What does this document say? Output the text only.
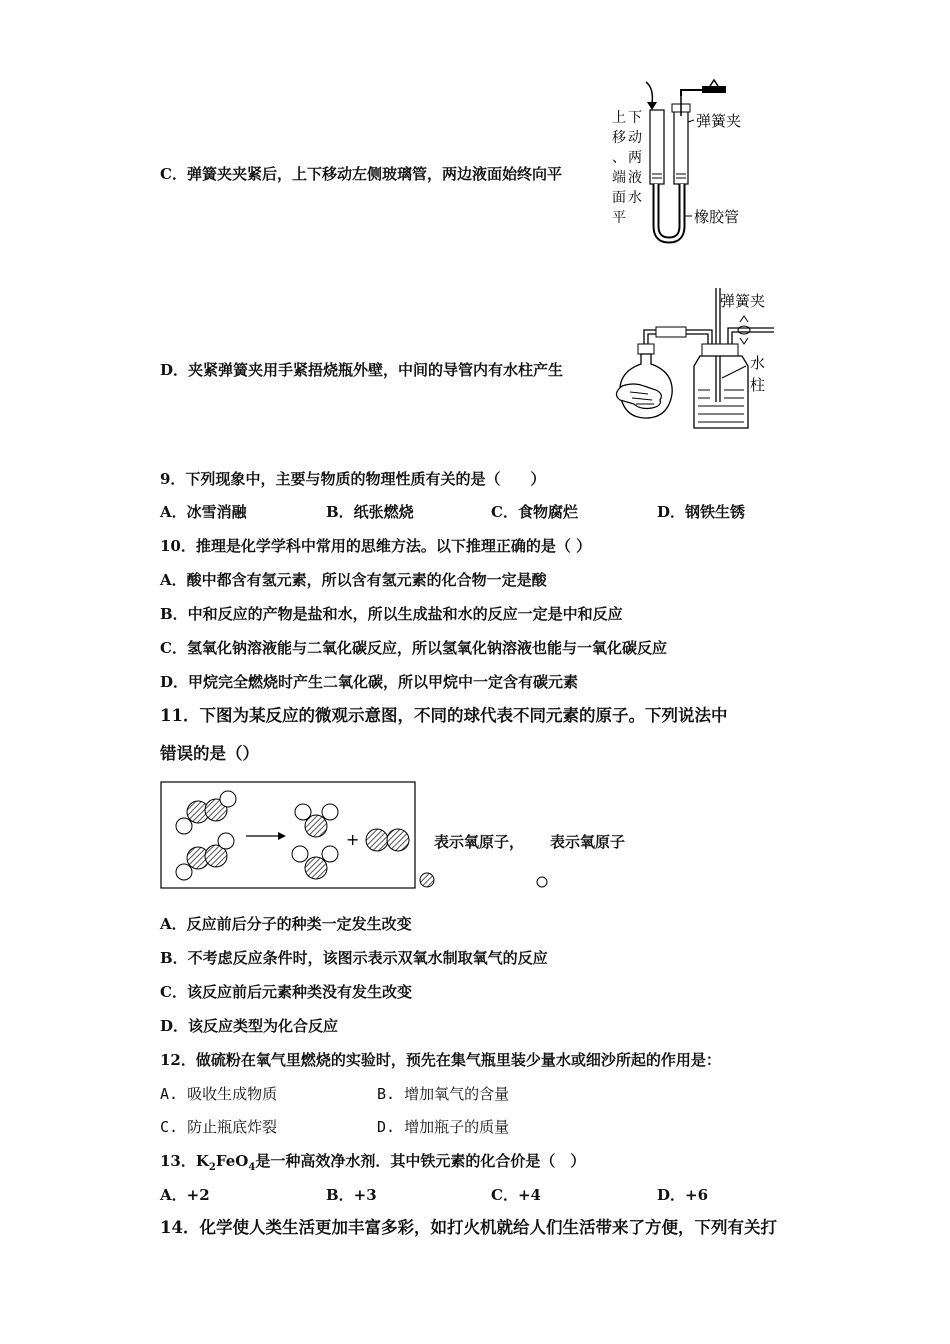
C．弹簧夹夹紧后，上下移动左侧玻璃管，两边液面始终向平
弹簧夹
橡胶管
上 下
移 动
、 两
端 液
面 水
平
D．夹紧弹簧夹用手紧捂烧瓶外壁，中间的导管内有水柱产生
弹簧夹
水
柱
9．下列现象中，主要与物质的物理性质有关的是（　　）
A．冰雪消融	B．纸张燃烧	C．食物腐烂	D．钢铁生锈
10．推理是化学学科中常用的思维方法。以下推理正确的是（ ）
A．酸中都含有氢元素，所以含有氢元素的化合物一定是酸
B．中和反应的产物是盐和水，所以生成盐和水的反应一定是中和反应
C．氢氧化钠溶液能与二氧化碳反应，所以氢氧化钠溶液也能与一氧化碳反应
D．甲烷完全燃烧时产生二氧化碳，所以甲烷中一定含有碳元素
11．下图为某反应的微观示意图，不同的球代表不同元素的原子。下列说法中
错误的是（）
+	表示氧原子， 表示氧原子
A．反应前后分子的种类一定发生改变
B．不考虑反应条件时，该图示表示双氧水制取氧气的反应
C．该反应前后元素种类没有发生改变
D．该反应类型为化合反应
12．做硫粉在氧气里燃烧的实验时，预先在集气瓶里装少量水或细沙所起的作用是：
A. 吸收生成物质	B. 增加氧气的含量
C. 防止瓶底炸裂	D. 增加瓶子的质量
13．$K_2FeO_4$是一种高效净水剂．其中铁元素的化合价是（　）
A．+2	B．+3	C．+4	D．+6
14．化学使人类生活更加丰富多彩，如打火机就给人们生活带来了方便，下列有关打
